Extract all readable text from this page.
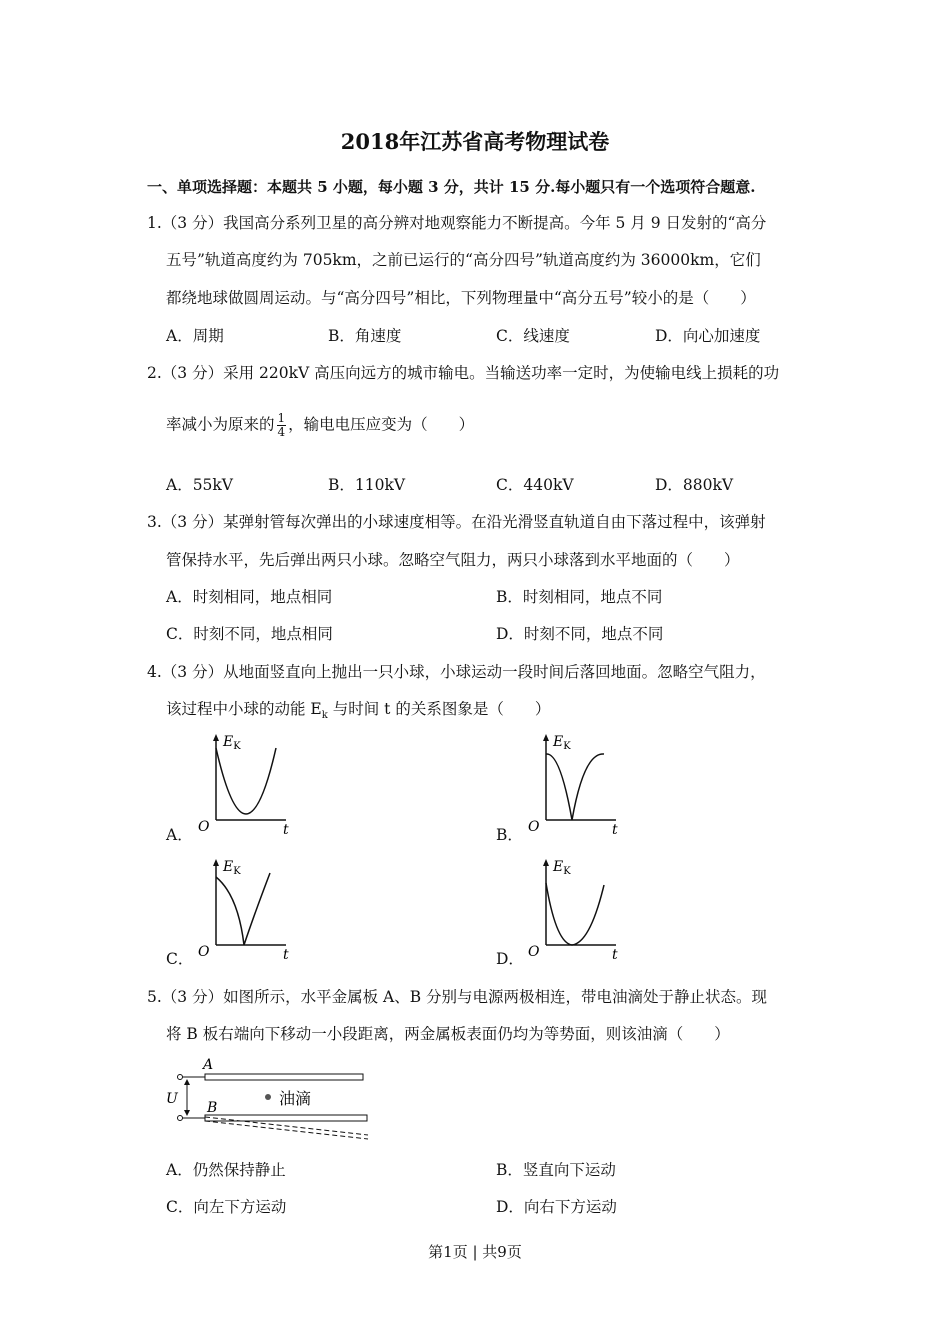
2018年江苏省高考物理试卷
一、单项选择题：本题共 5 小题，每小题 3 分，共计 15 分.每小题只有一个选项符合题意.
1.（3 分）我国高分系列卫星的高分辨对地观察能力不断提高。今年 5 月 9 日发射的“高分
五号”轨道高度约为 705km，之前已运行的“高分四号”轨道高度约为 36000km，它们
都绕地球做圆周运动。与“高分四号”相比，下列物理量中“高分五号”较小的是（　　）
A．周期	B．角速度	C．线速度	D．向心加速度
2.（3 分）采用 220kV 高压向远方的城市输电。当输送功率一定时，为使输电线上损耗的功
率减小为原来的 $\frac{1}{4}$ ，输电电压应变为（　　）
A．55kV	B．110kV	C．440kV	D．880kV
3.（3 分）某弹射管每次弹出的小球速度相等。在沿光滑竖直轨道自由下落过程中，该弹射
管保持水平，先后弹出两只小球。忽略空气阻力，两只小球落到水平地面的（　　）
A．时刻相同，地点相同	B．时刻相同，地点不同
C．时刻不同，地点相同	D．时刻不同，地点不同
4.（3 分）从地面竖直向上抛出一只小球，小球运动一段时间后落回地面。忽略空气阻力，
该过程中小球的动能 $E_k$ 与时间 t 的关系图象是（　　）
A．	B．
C．	D．
$E_K$
O	t
$E_K$
O	t
$E_K$
O	t
$E_K$
O	t
5.（3 分）如图所示，水平金属板 A、B 分别与电源两极相连，带电油滴处于静止状态。现
将 B 板右端向下移动一小段距离，两金属板表面仍均为等势面，则该油滴（　　）
A
B
U	油滴
A．仍然保持静止	B．竖直向下运动
C．向左下方运动	D．向右下方运动
第1页 | 共9页
